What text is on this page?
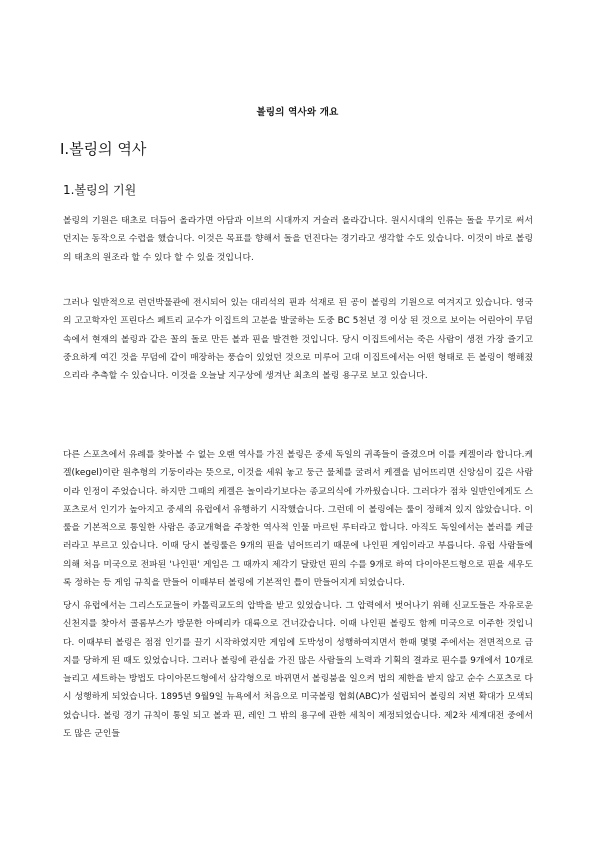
볼링의 역사와 개요
Ⅰ.볼링의 역사
1.볼링의 기원

볼링의 기원은 태초로 더듬어 올라가면 아담과 이브의 시대까지 거슬러 올라갑니다. 원시시대의 인류는 돌을 무기로 써서 던지는 동작으로 수렵을 했습니다. 이것은 목표를 향해서 돌을 던진다는 경기라고 생각할 수도 있습니다. 이것이 바로 볼링의 태초의 원조라 할 수 있다 할 수 있을 것입니다.

그러나 일반적으로 런던박물관에 전시되어 있는 대리석의 핀과 석재로 된 공이 볼링의 기원으로 여겨지고 있습니다. 영국의 고고학자인 프린다스 페트리 교수가 이집트의 고분을 발굴하는 도중 BC 5천년 경 이상 된 것으로 보이는 어린아이 무덤 속에서 현재의 볼링과 같은 꼴의 돌로 만든 볼과 핀을 발견한 것입니다. 당시 이집트에서는 죽은 사람이 생전 가장 즐기고 중요하게 여긴 것을 무덤에 같이 매장하는 풍습이 있었던 것으로 미루어 고대 이집트에서는 어떤 형태로 든 볼링이 행해졌으리라 추측할 수 있습니다. 이것을 오늘날 지구상에 생겨난 최초의 볼링 용구로 보고 있습니다.

다른 스포츠에서 유례를 찾아볼 수 없는 오랜 역사를 가진 볼링은 중세 독일의 귀족들이 즐겼으며 이를 케겔이라 합니다.케겔(kegel)이란 원추형의 기둥이라는 뜻으로, 이것을 세워 놓고 둥근 물체를 굴려서 케겔을 넘어뜨리면 신앙심이 깊은 사람이라 인정이 주었습니다. 하지만 그때의 케겔은 놀이라기보다는 종교의식에 가까웠습니다. 그러다가 점차 일반인에게도 스포츠로서 인기가 높아지고 중세의 유럽에서 유행하기 시작했습니다. 그런데 이 볼링에는 룰이 정해져 있지 않았습니다. 이 룰을 기본적으로 통일한 사람은 종교개혁을 주창한 역사적 인물 마르틴 루터라고 합니다. 아직도 독일에서는 볼러를 케글러라고 부르고 있습니다. 이때 당시 볼링룰은 9개의 핀을 넘어뜨리기 때문에 나인핀 게임이라고 부릅니다. 유럽 사람들에 의해 처음 미국으로 전파된 '나인핀' 게임은 그 때까지 제각기 달랐던 핀의 수를 9개로 하여 다이아몬드형으로 핀을 세우도록 정하는 등 게임 규칙을 만들어 이때부터 볼링에 기본적인 틀이 만들어지게 되었습니다.

당시 유럽에서는 그리스도교들이 카톨릭교도의 압박을 받고 있었습니다. 그 압력에서 벗어나기 위해 신교도들은 자유로운 신천지를 찾아서 콜롬부스가 방문한 아메리카 대륙으로 건너갔습니다. 이때 나인핀 볼링도 함께 미국으로 이주한 것입니다. 이때부터 볼링은 점점 인기를 끌기 시작하였지만 게임에 도박성이 성행하여지면서 한때 몇몇 주에서는 전면적으로 금지를 당하게 된 때도 있었습니다. 그러나 볼링에 관심을 가진 많은 사람들의 노력과 기획의 결과로 핀수를 9개에서 10개로 늘리고 세트하는 방법도 다이아몬드형에서 삼각형으로 바뀌면서 볼링붐을 일으켜 법의 제한을 받지 않고 순수 스포츠로 다시 성행하게 되었습니다. 1895년 9월9일 뉴욕에서 처음으로 미국볼링 협회(ABC)가 설립되어 볼링의 저변 확대가 모색되었습니다. 볼링 경기 규칙이 통일 되고 볼과 핀, 레인 그 밖의 용구에 관한 세칙이 제정되었습니다. 제2차 세계대전 중에서도 많은 군인들
